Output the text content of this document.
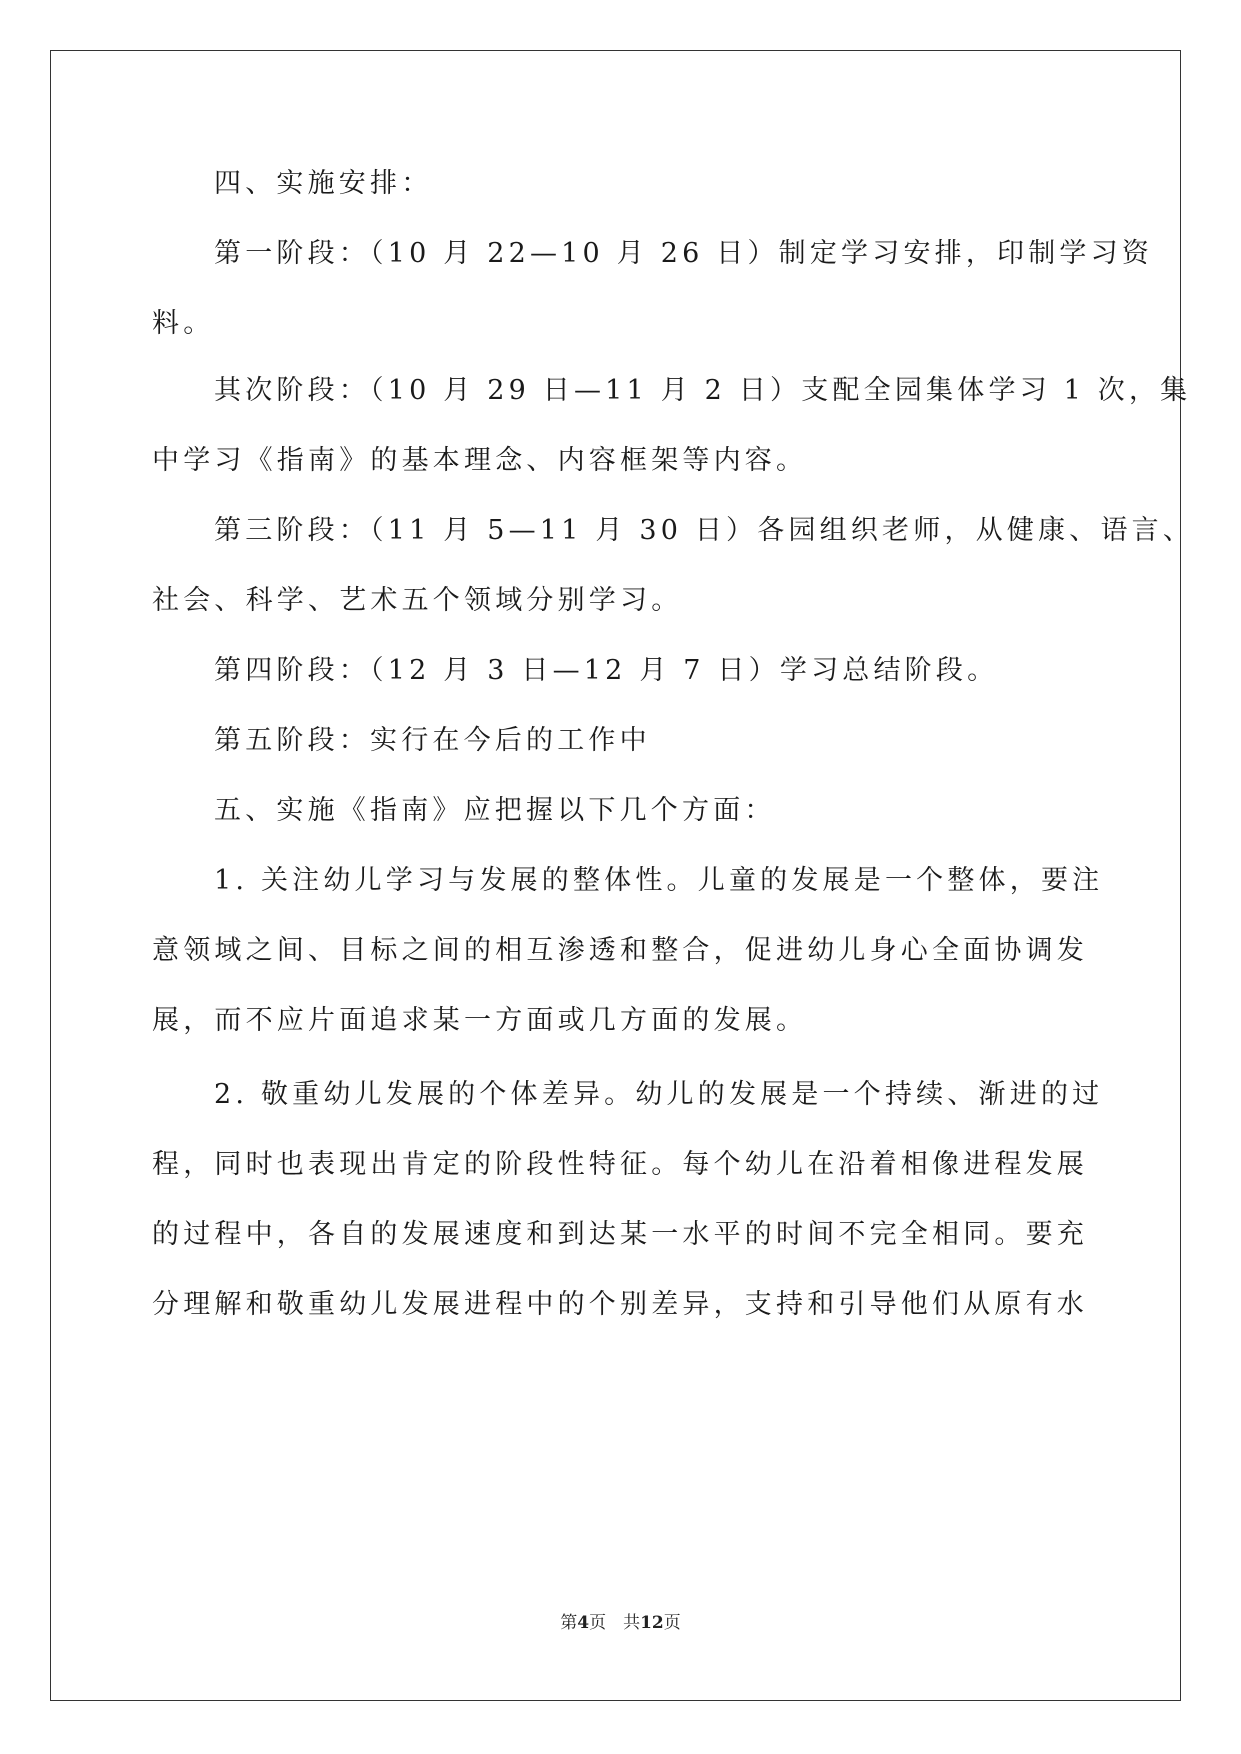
四、实施安排：
第一阶段：（10 月 22—10 月 26 日）制定学习安排，印制学习资
料。
其次阶段：（10 月 29 日—11 月 2 日）支配全园集体学习 1 次，集
中学习《指南》的基本理念、内容框架等内容。
第三阶段：（11 月 5—11 月 30 日）各园组织老师，从健康、语言、
社会、科学、艺术五个领域分别学习。
第四阶段：（12 月 3 日—12 月 7 日）学习总结阶段。
第五阶段：实行在今后的工作中
五、实施《指南》应把握以下几个方面：
1. 关注幼儿学习与发展的整体性。儿童的发展是一个整体，要注
意领域之间、目标之间的相互渗透和整合，促进幼儿身心全面协调发
展，而不应片面追求某一方面或几方面的发展。
2. 敬重幼儿发展的个体差异。幼儿的发展是一个持续、渐进的过
程，同时也表现出肯定的阶段性特征。每个幼儿在沿着相像进程发展
的过程中，各自的发展速度和到达某一水平的时间不完全相同。要充
分理解和敬重幼儿发展进程中的个别差异，支持和引导他们从原有水
第4页　共12页
